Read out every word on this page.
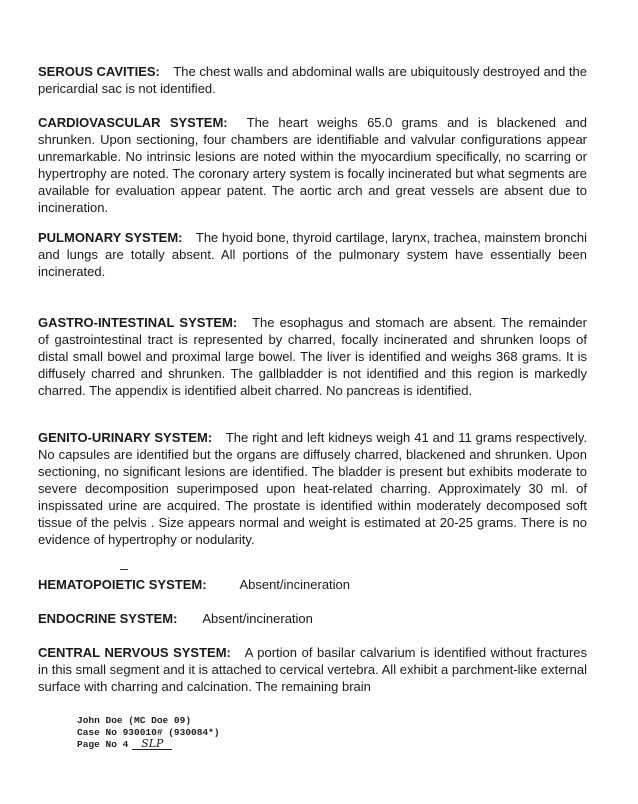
SEROUS CAVITIES: The chest walls and abdominal walls are ubiquitously destroyed and the pericardial sac is not identified.
CARDIOVASCULAR SYSTEM: The heart weighs 65.0 grams and is blackened and shrunken. Upon sectioning, four chambers are identifiable and valvular configurations appear unremarkable. No intrinsic lesions are noted within the myocardium specifically, no scarring or hypertrophy are noted. The coronary artery system is focally incinerated but what segments are available for evaluation appear patent. The aortic arch and great vessels are absent due to incineration.
PULMONARY SYSTEM: The hyoid bone, thyroid cartilage, larynx, trachea, mainstem bronchi and lungs are totally absent. All portions of the pulmonary system have essentially been incinerated.
GASTRO-INTESTINAL SYSTEM: The esophagus and stomach are absent. The remainder of gastrointestinal tract is represented by charred, focally incinerated and shrunken loops of distal small bowel and proximal large bowel. The liver is identified and weighs 368 grams. It is diffusely charred and shrunken. The gallbladder is not identified and this region is markedly charred. The appendix is identified albeit charred. No pancreas is identified.
GENITO-URINARY SYSTEM: The right and left kidneys weigh 41 and 11 grams respectively. No capsules are identified but the organs are diffusely charred, blackened and shrunken. Upon sectioning, no significant lesions are identified. The bladder is present but exhibits moderate to severe decomposition superimposed upon heat-related charring. Approximately 30 ml. of inspissated urine are acquired. The prostate is identified within moderately decomposed soft tissue of the pelvis . Size appears normal and weight is estimated at 20-25 grams. There is no evidence of hypertrophy or nodularity.
HEMATOPOIETIC SYSTEM:	Absent/incineration
ENDOCRINE SYSTEM: Absent/incineration
CENTRAL NERVOUS SYSTEM: A portion of basilar calvarium is identified without fractures in this small segment and it is attached to cervical vertebra. All exhibit a parchment-like external surface with charring and calcination. The remaining brain
John Doe (MC Doe 09)
Case No 930010# (930084*)
Page No 4 SLP
